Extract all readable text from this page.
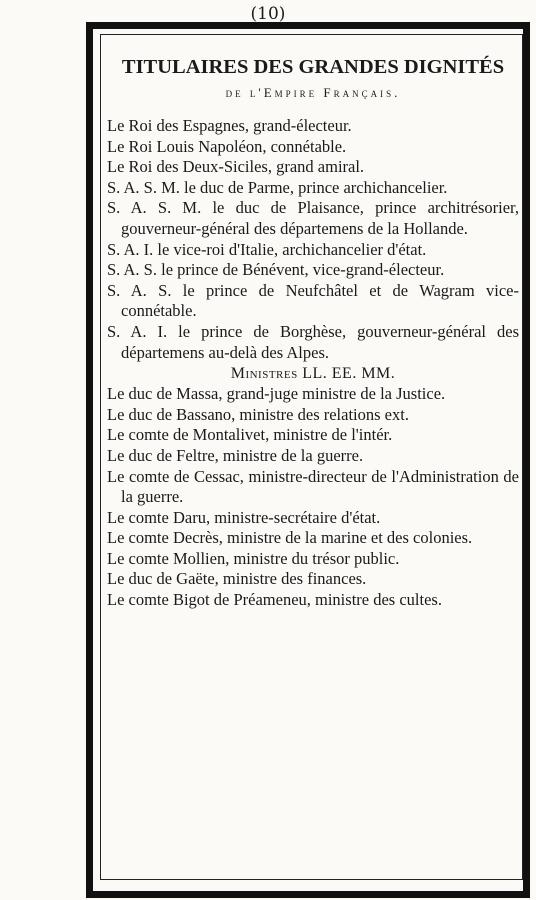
(10)
TITULAIRES DES GRANDES DIGNITÉS
de l'Empire Français.
Le Roi des Espagnes, grand-électeur.
Le Roi Louis Napoléon, connétable.
Le Roi des Deux-Siciles, grand amiral.
S. A. S. M. le duc de Parme, prince archichancelier.
S. A. S. M. le duc de Plaisance, prince architrésorier, gouverneur-général des départemens de la Hollande.
S. A. I. le vice-roi d'Italie, archichancelier d'état.
S. A. S. le prince de Bénévent, vice-grand-électeur.
S. A. S. le prince de Neufchâtel et de Wagram vice-connétable.
S. A. I. le prince de Borghèse, gouverneur-général des départemens au-delà des Alpes.
Ministres LL. EE. MM.
Le duc de Massa, grand-juge ministre de la Justice.
Le duc de Bassano, ministre des relations ext.
Le comte de Montalivet, ministre de l'intér.
Le duc de Feltre, ministre de la guerre.
Le comte de Cessac, ministre-directeur de l'Administration de la guerre.
Le comte Daru, ministre-secrétaire d'état.
Le comte Decrès, ministre de la marine et des colonies.
Le comte Mollien, ministre du trésor public.
Le duc de Gaëte, ministre des finances.
Le comte Bigot de Préameneu, ministre des cultes.
